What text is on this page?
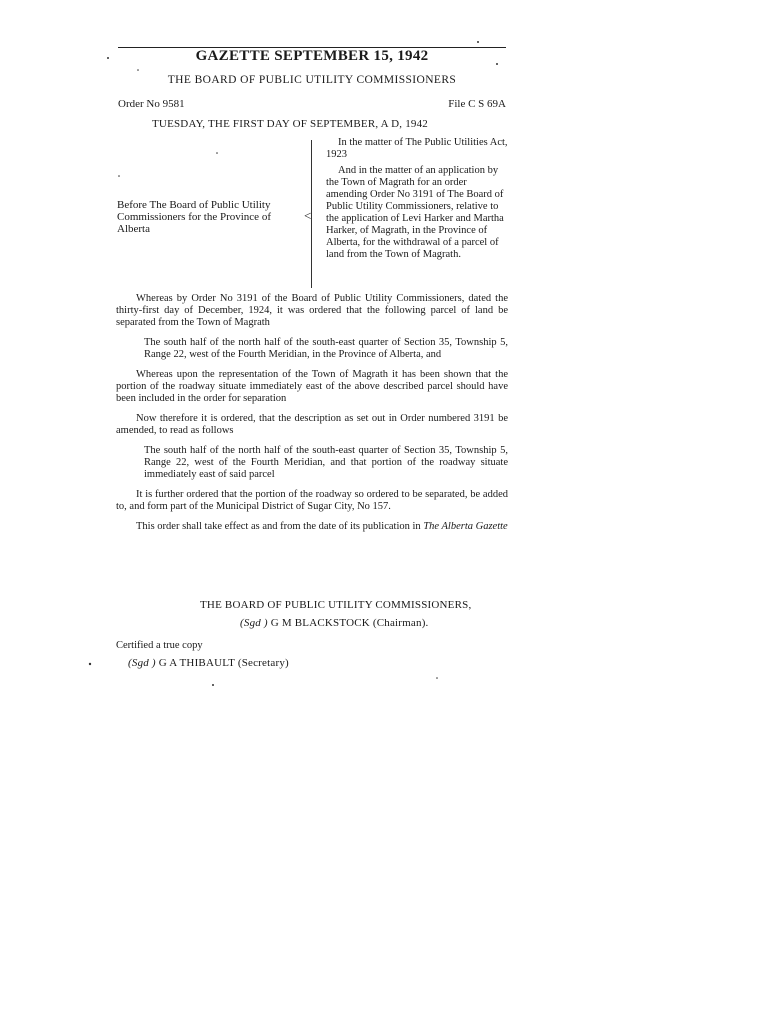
GAZETTE SEPTEMBER 15, 1942
THE BOARD OF PUBLIC UTILITY COMMISSIONERS
Order No 9581	File C S 69A
TUESDAY, THE FIRST DAY OF SEPTEMBER, A D, 1942
Before The Board of Public Utility Commissioners for the Province of Alberta
<

In the matter of The Public Utilities Act, 1923

And in the matter of an application by the Town of Magrath for an order amending Order No 3191 of The Board of Public Utility Commissioners, relative to the application of Levi Harker and Martha Harker, of Magrath, in the Province of Alberta, for the withdrawal of a parcel of land from the Town of Magrath.

Whereas by Order No 3191 of the Board of Public Utility Commissioners, dated the thirty-first day of December, 1924, it was ordered that the following parcel of land be separated from the Town of Magrath

The south half of the north half of the south-east quarter of Section 35, Township 5, Range 22, west of the Fourth Meridian, in the Province of Alberta, and

Whereas upon the representation of the Town of Magrath it has been shown that the portion of the roadway situate immediately east of the above described parcel should have been included in the order for separation

Now therefore it is ordered, that the description as set out in Order numbered 3191 be amended, to read as follows

The south half of the north half of the south-east quarter of Section 35, Township 5, Range 22, west of the Fourth Meridian, and that portion of the roadway situate immediately east of said parcel

It is further ordered that the portion of the roadway so ordered to be separated, be added to, and form part of the Municipal District of Sugar City, No 157.

This order shall take effect as and from the date of its publication in The Alberta Gazette

THE BOARD OF PUBLIC UTILITY COMMISSIONERS,
(Sgd ) G M BLACKSTOCK (Chairman).
Certified a true copy
(Sgd ) G A THIBAULT (Secretary)
